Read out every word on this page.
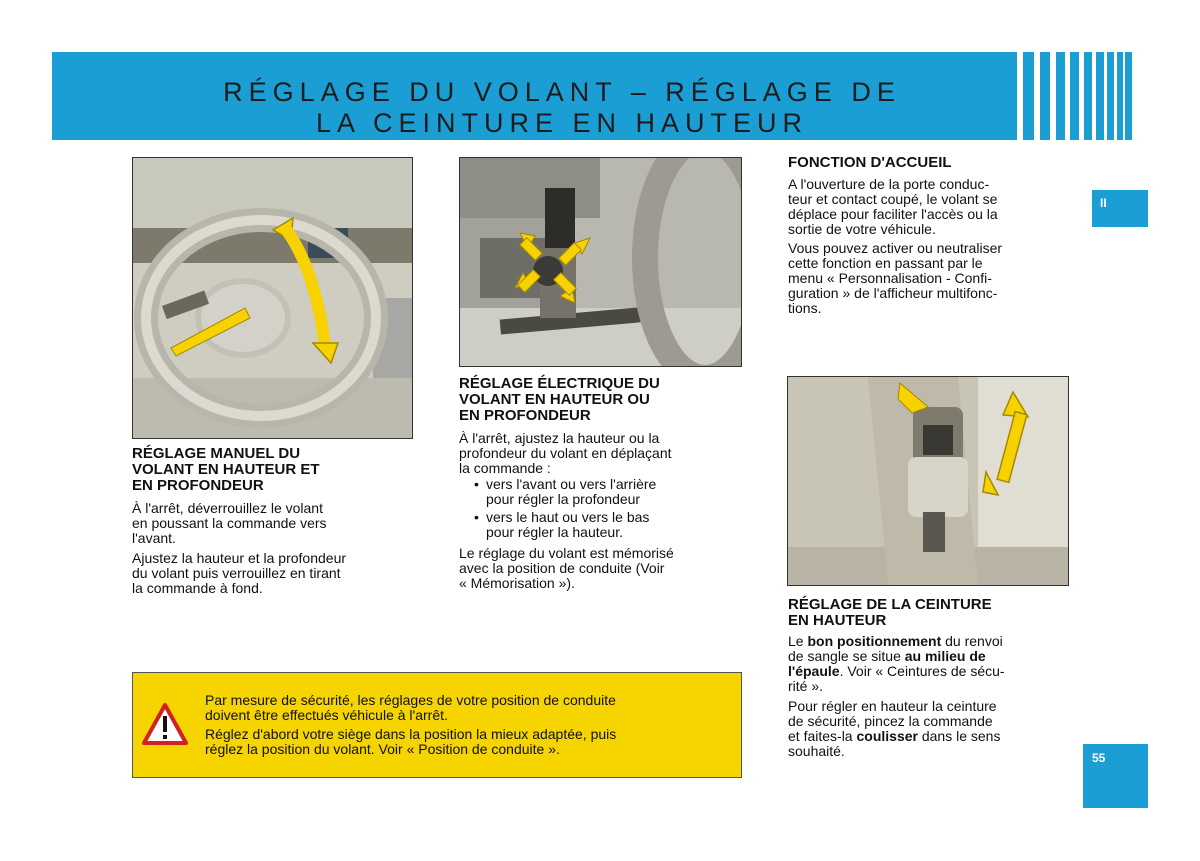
RÉGLAGE DU VOLANT – RÉGLAGE DE
LA CEINTURE EN HAUTEUR
II
RÉGLAGE MANUEL DU
VOLANT EN HAUTEUR ET
EN PROFONDEUR
À l'arrêt, déverrouillez le volant
en poussant la commande vers
l'avant.
Ajustez la hauteur et la profondeur
du volant puis verrouillez en tirant
la commande à fond.
RÉGLAGE ÉLECTRIQUE DU
VOLANT EN HAUTEUR OU
EN PROFONDEUR
À l'arrêt, ajustez la hauteur ou la
profondeur du volant en déplaçant
la commande :
• vers l'avant ou vers l'arrière
pour régler la profondeur
• vers le haut ou vers le bas
pour régler la hauteur.
Le réglage du volant est mémorisé
avec la position de conduite (Voir
« Mémorisation »).
FONCTION D'ACCUEIL
A l'ouverture de la porte conduc-
teur et contact coupé, le volant se
déplace pour faciliter l'accès ou la
sortie de votre véhicule.
Vous pouvez activer ou neutraliser
cette fonction en passant par le
menu « Personnalisation - Confi-
guration » de l'afficheur multifonc-
tions.
RÉGLAGE DE LA CEINTURE
EN HAUTEUR
Le bon positionnement du renvoi
de sangle se situe au milieu de
l'épaule. Voir « Ceintures de sécu-
rité ».
Pour régler en hauteur la ceinture
de sécurité, pincez la commande
et faites-la coulisser dans le sens
souhaité.
Par mesure de sécurité, les réglages de votre position de conduite
doivent être effectués véhicule à l'arrêt.
Réglez d'abord votre siège dans la position la mieux adaptée, puis
réglez la position du volant. Voir « Position de conduite ».
55
